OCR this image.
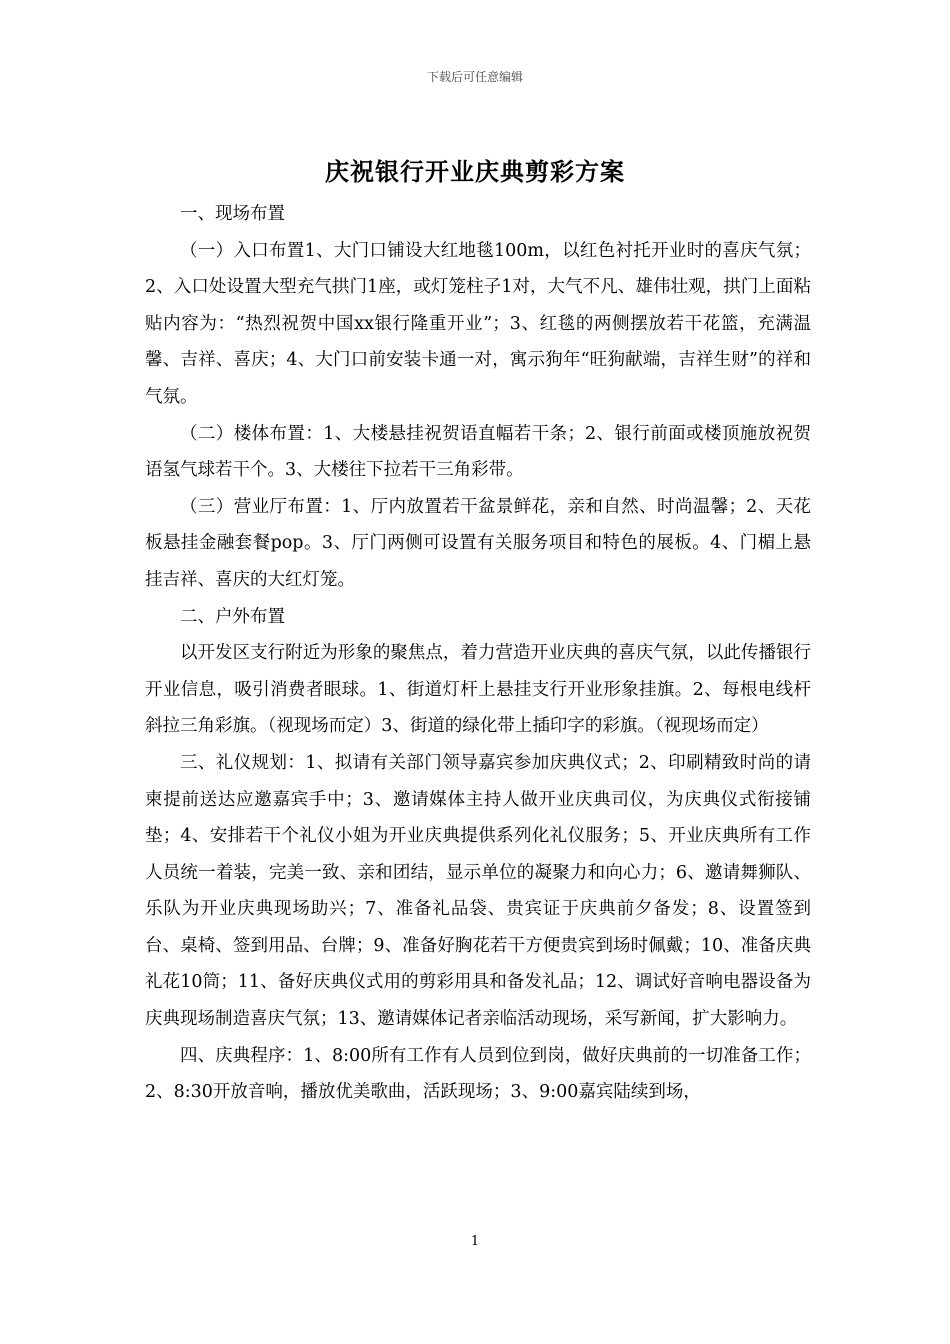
下载后可任意编辑
庆祝银行开业庆典剪彩方案

一、现场布置

（一）入口布置1、大门口铺设大红地毯100m，以红色衬托开业时的喜庆气氛；2、入口处设置大型充气拱门1座，或灯笼柱子1对，大气不凡、雄伟壮观，拱门上面粘贴内容为：“热烈祝贺中国xx银行隆重开业”；3、红毯的两侧摆放若干花篮，充满温馨、吉祥、喜庆；4、大门口前安装卡通一对，寓示狗年“旺狗献端，吉祥生财”的祥和气氛。

（二）楼体布置：1、大楼悬挂祝贺语直幅若干条；2、银行前面或楼顶施放祝贺语氢气球若干个。3、大楼往下拉若干三角彩带。

（三）营业厅布置：1、厅内放置若干盆景鲜花，亲和自然、时尚温馨；2、天花板悬挂金融套餐pop。3、厅门两侧可设置有关服务项目和特色的展板。4、门楣上悬挂吉祥、喜庆的大红灯笼。

二、户外布置

以开发区支行附近为形象的聚焦点，着力营造开业庆典的喜庆气氛，以此传播银行开业信息，吸引消费者眼球。1、街道灯杆上悬挂支行开业形象挂旗。2、每根电线杆斜拉三角彩旗。（视现场而定）3、街道的绿化带上插印字的彩旗。（视现场而定）

三、礼仪规划：1、拟请有关部门领导嘉宾参加庆典仪式；2、印刷精致时尚的请柬提前送达应邀嘉宾手中；3、邀请媒体主持人做开业庆典司仪，为庆典仪式衔接铺垫；4、安排若干个礼仪小姐为开业庆典提供系列化礼仪服务；5、开业庆典所有工作人员统一着装，完美一致、亲和团结，显示单位的凝聚力和向心力；6、邀请舞狮队、乐队为开业庆典现场助兴；7、准备礼品袋、贵宾证于庆典前夕备发；8、设置签到台、桌椅、签到用品、台牌；9、准备好胸花若干方便贵宾到场时佩戴；10、准备庆典礼花10筒；11、备好庆典仪式用的剪彩用具和备发礼品；12、调试好音响电器设备为庆典现场制造喜庆气氛；13、邀请媒体记者亲临活动现场，采写新闻，扩大影响力。

四、庆典程序：1、8:00所有工作有人员到位到岗，做好庆典前的一切准备工作；2、8:30开放音响，播放优美歌曲，活跃现场；3、9:00嘉宾陆续到场，

1
